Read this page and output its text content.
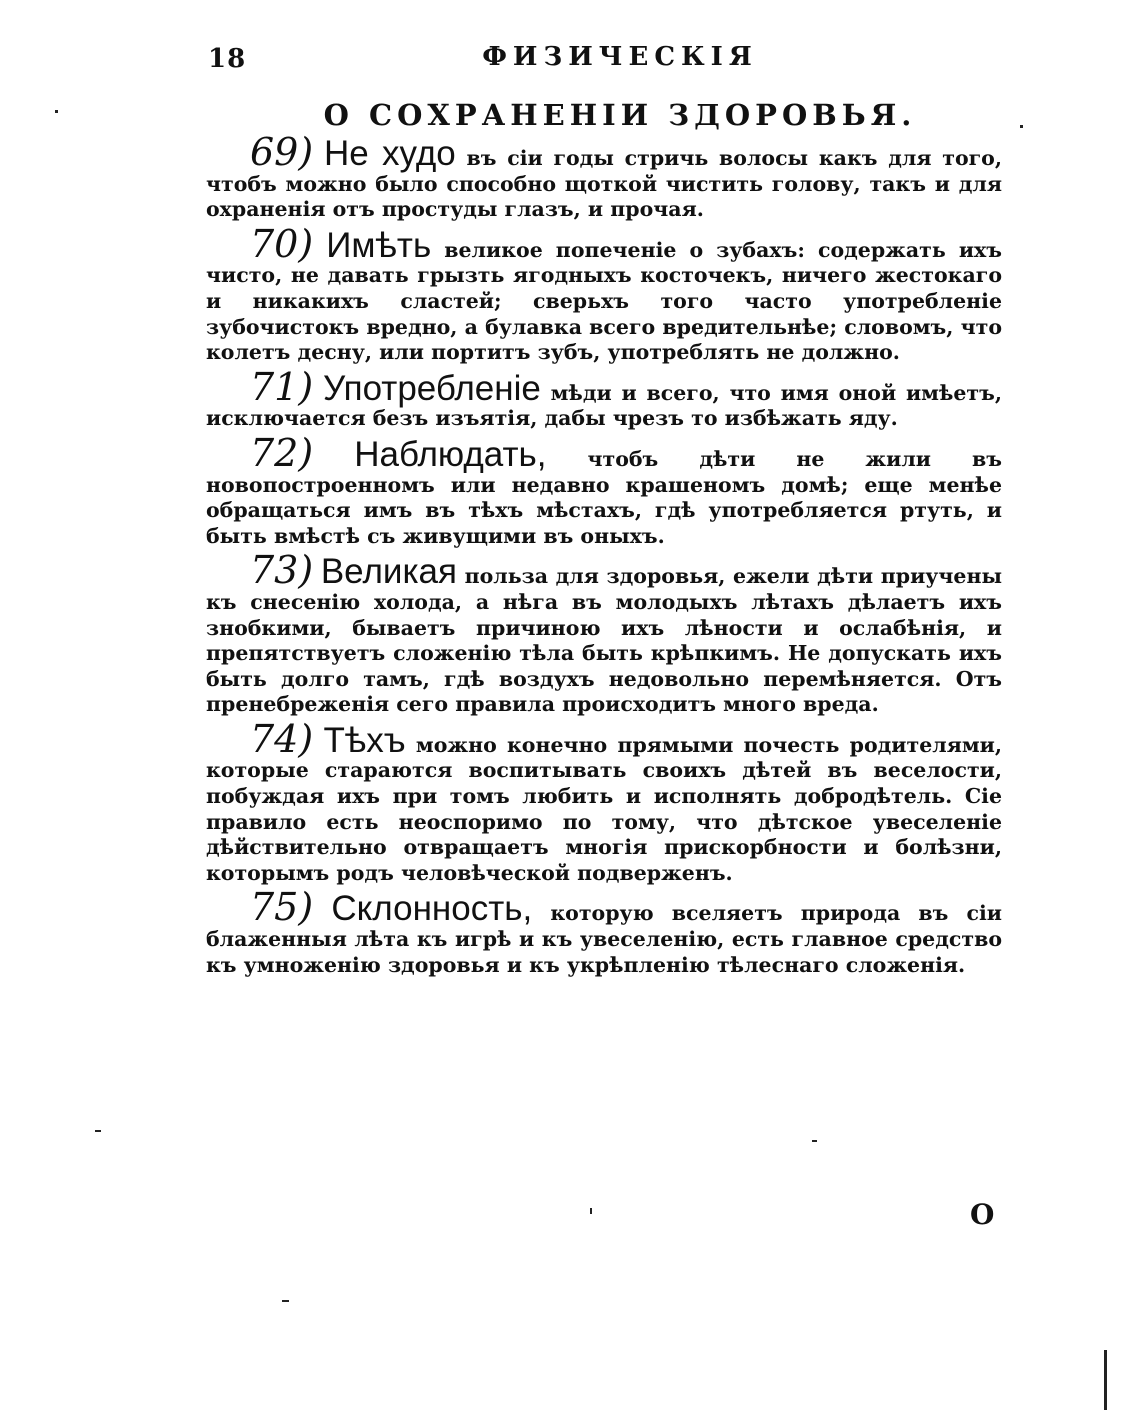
18	ФИЗИЧЕСКІЯ
О СОХРАНЕНІИ ЗДОРОВЬЯ.

69) Не худо въ сіи годы стричь волосы какъ для того, чтобъ можно было способно щоткой чистить голову, такъ и для охраненія отъ простуды глазъ, и прочая.

70) Имѣть великое попеченіе о зубахъ: содержать ихъ чисто, не давать грызть ягодныхъ косточекъ, ничего жестокаго и никакихъ сластей; сверьхъ того часто употребленіе зубочистокъ вредно, а булавка всего вредительнѣе; словомъ, что колетъ десну, или портитъ зубъ, употреблять не должно.

71) Употребленіе мѣди и всего, что имя оной имѣетъ, исключается безъ изъятія, дабы чрезъ то избѣжать яду.

72) Наблюдать, чтобъ дѣти не жили въ новопостроенномъ или недавно крашеномъ домѣ; еще менѣе обращаться имъ въ тѣхъ мѣстахъ, гдѣ употребляется ртуть, и быть вмѣстѣ съ живущими въ оныхъ.

73) Великая польза для здоровья, ежели дѣти приучены къ снесенію холода, а нѣга въ молодыхъ лѣтахъ дѣлаетъ ихъ знобкими, бываетъ причиною ихъ лѣности и ослабѣнія, и препятствуетъ сложенію тѣла быть крѣпкимъ. Не допускать ихъ быть долго тамъ, гдѣ воздухъ недовольно перемѣняется. Отъ пренебреженія сего правила происходитъ много вреда.

74) Тѣхъ можно конечно прямыми почесть родителями, которые стараются воспитывать своихъ дѣтей въ веселости, побуждая ихъ при томъ любить и исполнять добродѣтель. Сіе правило есть неоспоримо по тому, что дѣтское увеселеніе дѣйствительно отвращаетъ многія прискорбности и болѣзни, которымъ родъ человѣческой подверженъ.

75) Склонность, которую вселяетъ природа въ сіи блаженныя лѣта къ игрѣ и къ увеселенію, есть главное средство къ умноженію здоровья и къ укрѣпленію тѣлеснаго сложенія.

О
